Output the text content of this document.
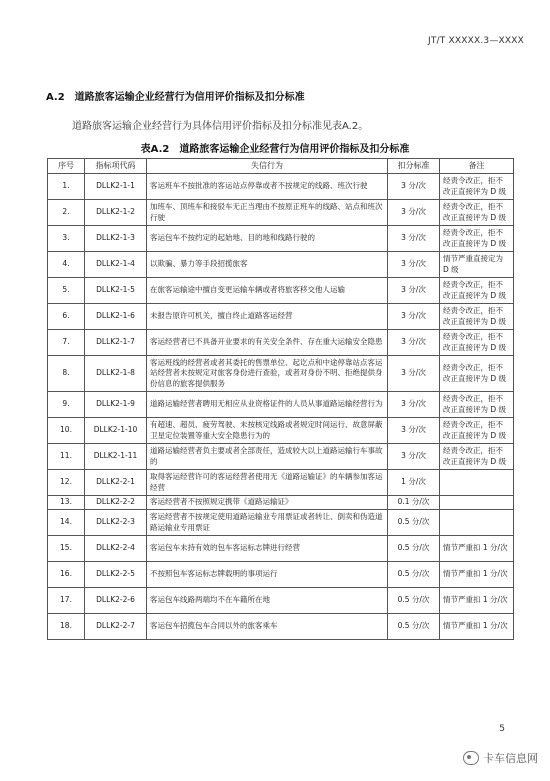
JT/T XXXXX.3—XXXX
A.2　道路旅客运输企业经营行为信用评价指标及扣分标准
道路旅客运输企业经营行为具体信用评价指标及扣分标准见表A.2。
表A.2　道路旅客运输企业经营行为信用评价指标及扣分标准
序号	指标项代码	失信行为	扣分标准	备注
1.	DLLK2-1-1	客运班车不按批准的客运站点停靠或者不按规定的线路、班次行驶	3 分/次	经责令改正，拒不改正直接评为 D 级
2.	DLLK2-1-2	加班车、顶班车和接驳车无正当理由不按原正班车的线路、站点和班次行驶	3 分/次	经责令改正，拒不改正直接评为 D 级
3.	DLLK2-1-3	客运包车不按约定的起始地、目的地和线路行驶的	3 分/次	经责令改正，拒不改正直接评为 D 级
4.	DLLK2-1-4	以欺骗、暴力等手段招揽旅客	3 分/次	情节严重直接定为 D 级
5.	DLLK2-1-5	在旅客运输途中擅自变更运输车辆或者将旅客移交他人运输	3 分/次	经责令改正，拒不改正直接评为 D 级
6.	DLLK2-1-6	未报告原许可机关，擅自终止道路客运经营	3 分/次	经责令改正，拒不改正直接评为 D 级
7.	DLLK2-1-7	客运经营者已不具备开业要求的有关安全条件、存在重大运输安全隐患	3 分/次	经责令改正，拒不改正直接评为 D 级
8.	DLLK2-1-8	客运班线的经营者或者其委托的售票单位、起讫点和中途停靠站点客运站经营者未按规定对旅客身份进行查验，或者对身份不明、拒绝提供身份信息的旅客提供服务	3 分/次	经责令改正，拒不改正直接评为 D 级
9.	DLLK2-1-9	道路运输经营者聘用无相应从业资格证件的人员从事道路运输经营行为	3 分/次	经责令改正，拒不改正直接评为 D 级
10.	DLLK2-1-10	有超速、超员、疲劳驾驶、未按核定线路或者规定时间运行、故意屏蔽卫星定位装置等重大安全隐患行为的	3 分/次	经责令改正，拒不改正直接评为 D 级
11.	DLLK2-1-11	道路运输经营者负主要或者全部责任，造成较大以上道路运输行车事故的	3 分/次	经责令改正，拒不改正直接评为 D 级
12.	DLLK2-2-1	取得客运经营许可的客运经营者使用无《道路运输证》的车辆参加客运经营	1 分/次	
13.	DLLK2-2-2	客运经营者不按照规定携带《道路运输证》	0.1 分/次	
14.	DLLK2-2-3	客运经营者不按规定使用道路运输业专用票证或者转让、倒卖和伪造道路运输业专用票证	0.5 分/次	
15.	DLLK2-2-4	客运包车未持有效的包车客运标志牌进行经营	0.5 分/次	情节严重扣 1 分/次
16.	DLLK2-2-5	不按照包车客运标志牌载明的事项运行	0.5 分/次	情节严重扣 1 分/次
17.	DLLK2-2-6	客运包车线路两端均不在车籍所在地	0.5 分/次	情节严重扣 1 分/次
18.	DLLK2-2-7	客运包车招揽包车合同以外的旅客乘车	0.5 分/次	情节严重扣 1 分/次
5
卡车信息网
